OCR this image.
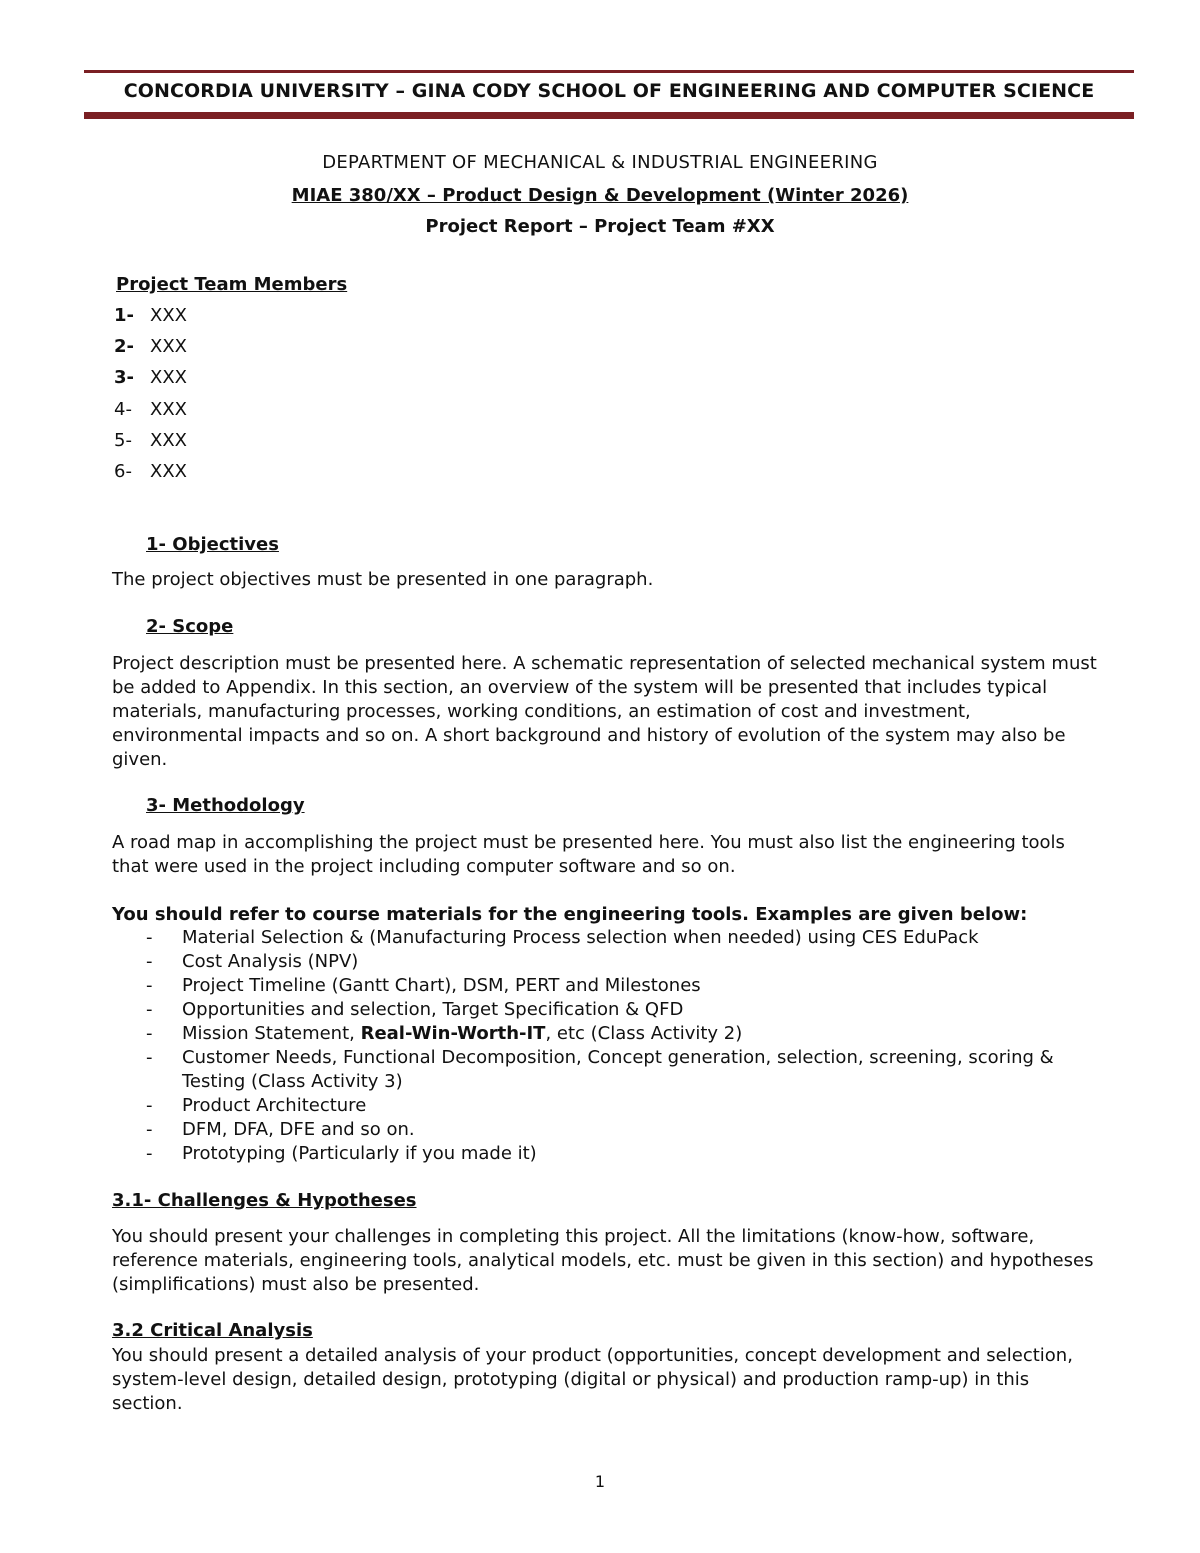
CONCORDIA UNIVERSITY – GINA CODY SCHOOL OF ENGINEERING AND COMPUTER SCIENCE
DEPARTMENT OF MECHANICAL & INDUSTRIAL ENGINEERING
MIAE 380/XX – Product Design & Development (Winter 2026)
Project Report – Project Team #XX
Project Team Members
1- XXX
2- XXX
3- XXX
4- XXX
5- XXX
6- XXX
1- Objectives
The project objectives must be presented in one paragraph.
2- Scope
Project description must be presented here. A schematic representation of selected mechanical system must be added to Appendix. In this section, an overview of the system will be presented that includes typical materials, manufacturing processes, working conditions, an estimation of cost and investment, environmental impacts and so on. A short background and history of evolution of the system may also be given.
3- Methodology
A road map in accomplishing the project must be presented here. You must also list the engineering tools that were used in the project including computer software and so on.
You should refer to course materials for the engineering tools. Examples are given below:
- Material Selection & (Manufacturing Process selection when needed) using CES EduPack
- Cost Analysis (NPV)
- Project Timeline (Gantt Chart), DSM, PERT and Milestones
- Opportunities and selection, Target Specification & QFD
- Mission Statement, Real-Win-Worth-IT, etc (Class Activity 2)
- Customer Needs, Functional Decomposition, Concept generation, selection, screening, scoring & Testing (Class Activity 3)
- Product Architecture
- DFM, DFA, DFE and so on.
- Prototyping (Particularly if you made it)
3.1- Challenges & Hypotheses
You should present your challenges in completing this project. All the limitations (know-how, software, reference materials, engineering tools, analytical models, etc. must be given in this section) and hypotheses (simplifications) must also be presented.
3.2 Critical Analysis
You should present a detailed analysis of your product (opportunities, concept development and selection, system-level design, detailed design, prototyping (digital or physical) and production ramp-up) in this section.
1
